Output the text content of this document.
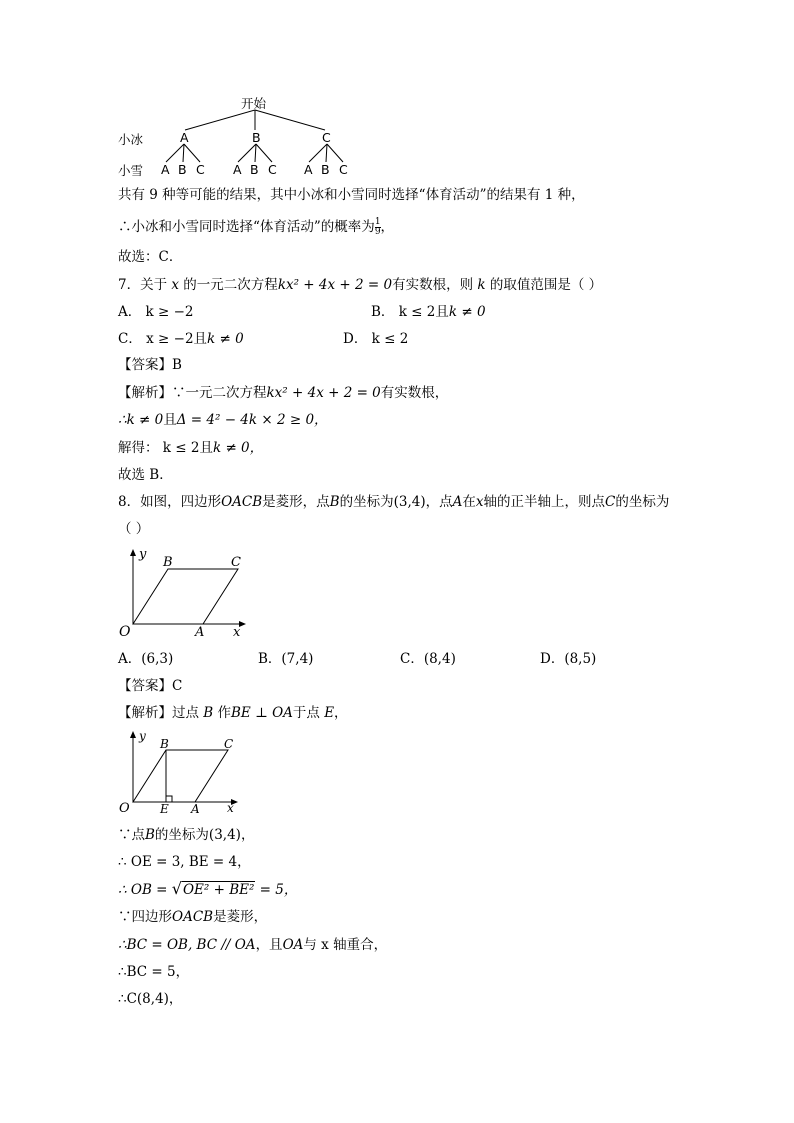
开始
小冰
小雪
A	B	C
A B C A B C A B C
共有 9 种等可能的结果，其中小冰和小雪同时选择“体育活动”的结果有 1 种，
∴小冰和小雪同时选择“体育活动”的概率为 $\frac{1}{9}$ ，
故选：C．
7．关于 x 的一元二次方程kx² + 4x + 2 = 0有实数根，则 k 的取值范围是（ ）
A． k ≥ −2	B． k ≤ 2且k ≠ 0
C． x ≥ −2且k ≠ 0	D． k ≤ 2
【答案】B
【解析】∵一元二次方程kx² + 4x + 2 = 0有实数根，
∴k ≠ 0且Δ = 4² − 4k × 2 ≥ 0，
解得： k ≤ 2且k ≠ 0，
故选 B．
8．如图，四边形OACB是菱形，点B的坐标为(3,4)，点A在x轴的正半轴上，则点C的坐标为
（ ）
y
x
O	A
B	C
A．(6,3)	B．(7,4)	C．(8,4)	D．(8,5)
【答案】C
【解析】过点 B 作BE ⊥ OA于点 E，
y
x
O	E A
B	C
∵点B的坐标为(3,4)，
∴ OE = 3, BE = 4，
∴ OB = √OE² + BE² = 5，
∵四边形OACB是菱形，
∴BC = OB, BC // OA，且OA与 x 轴重合，
∴BC = 5，
∴C(8,4)，
